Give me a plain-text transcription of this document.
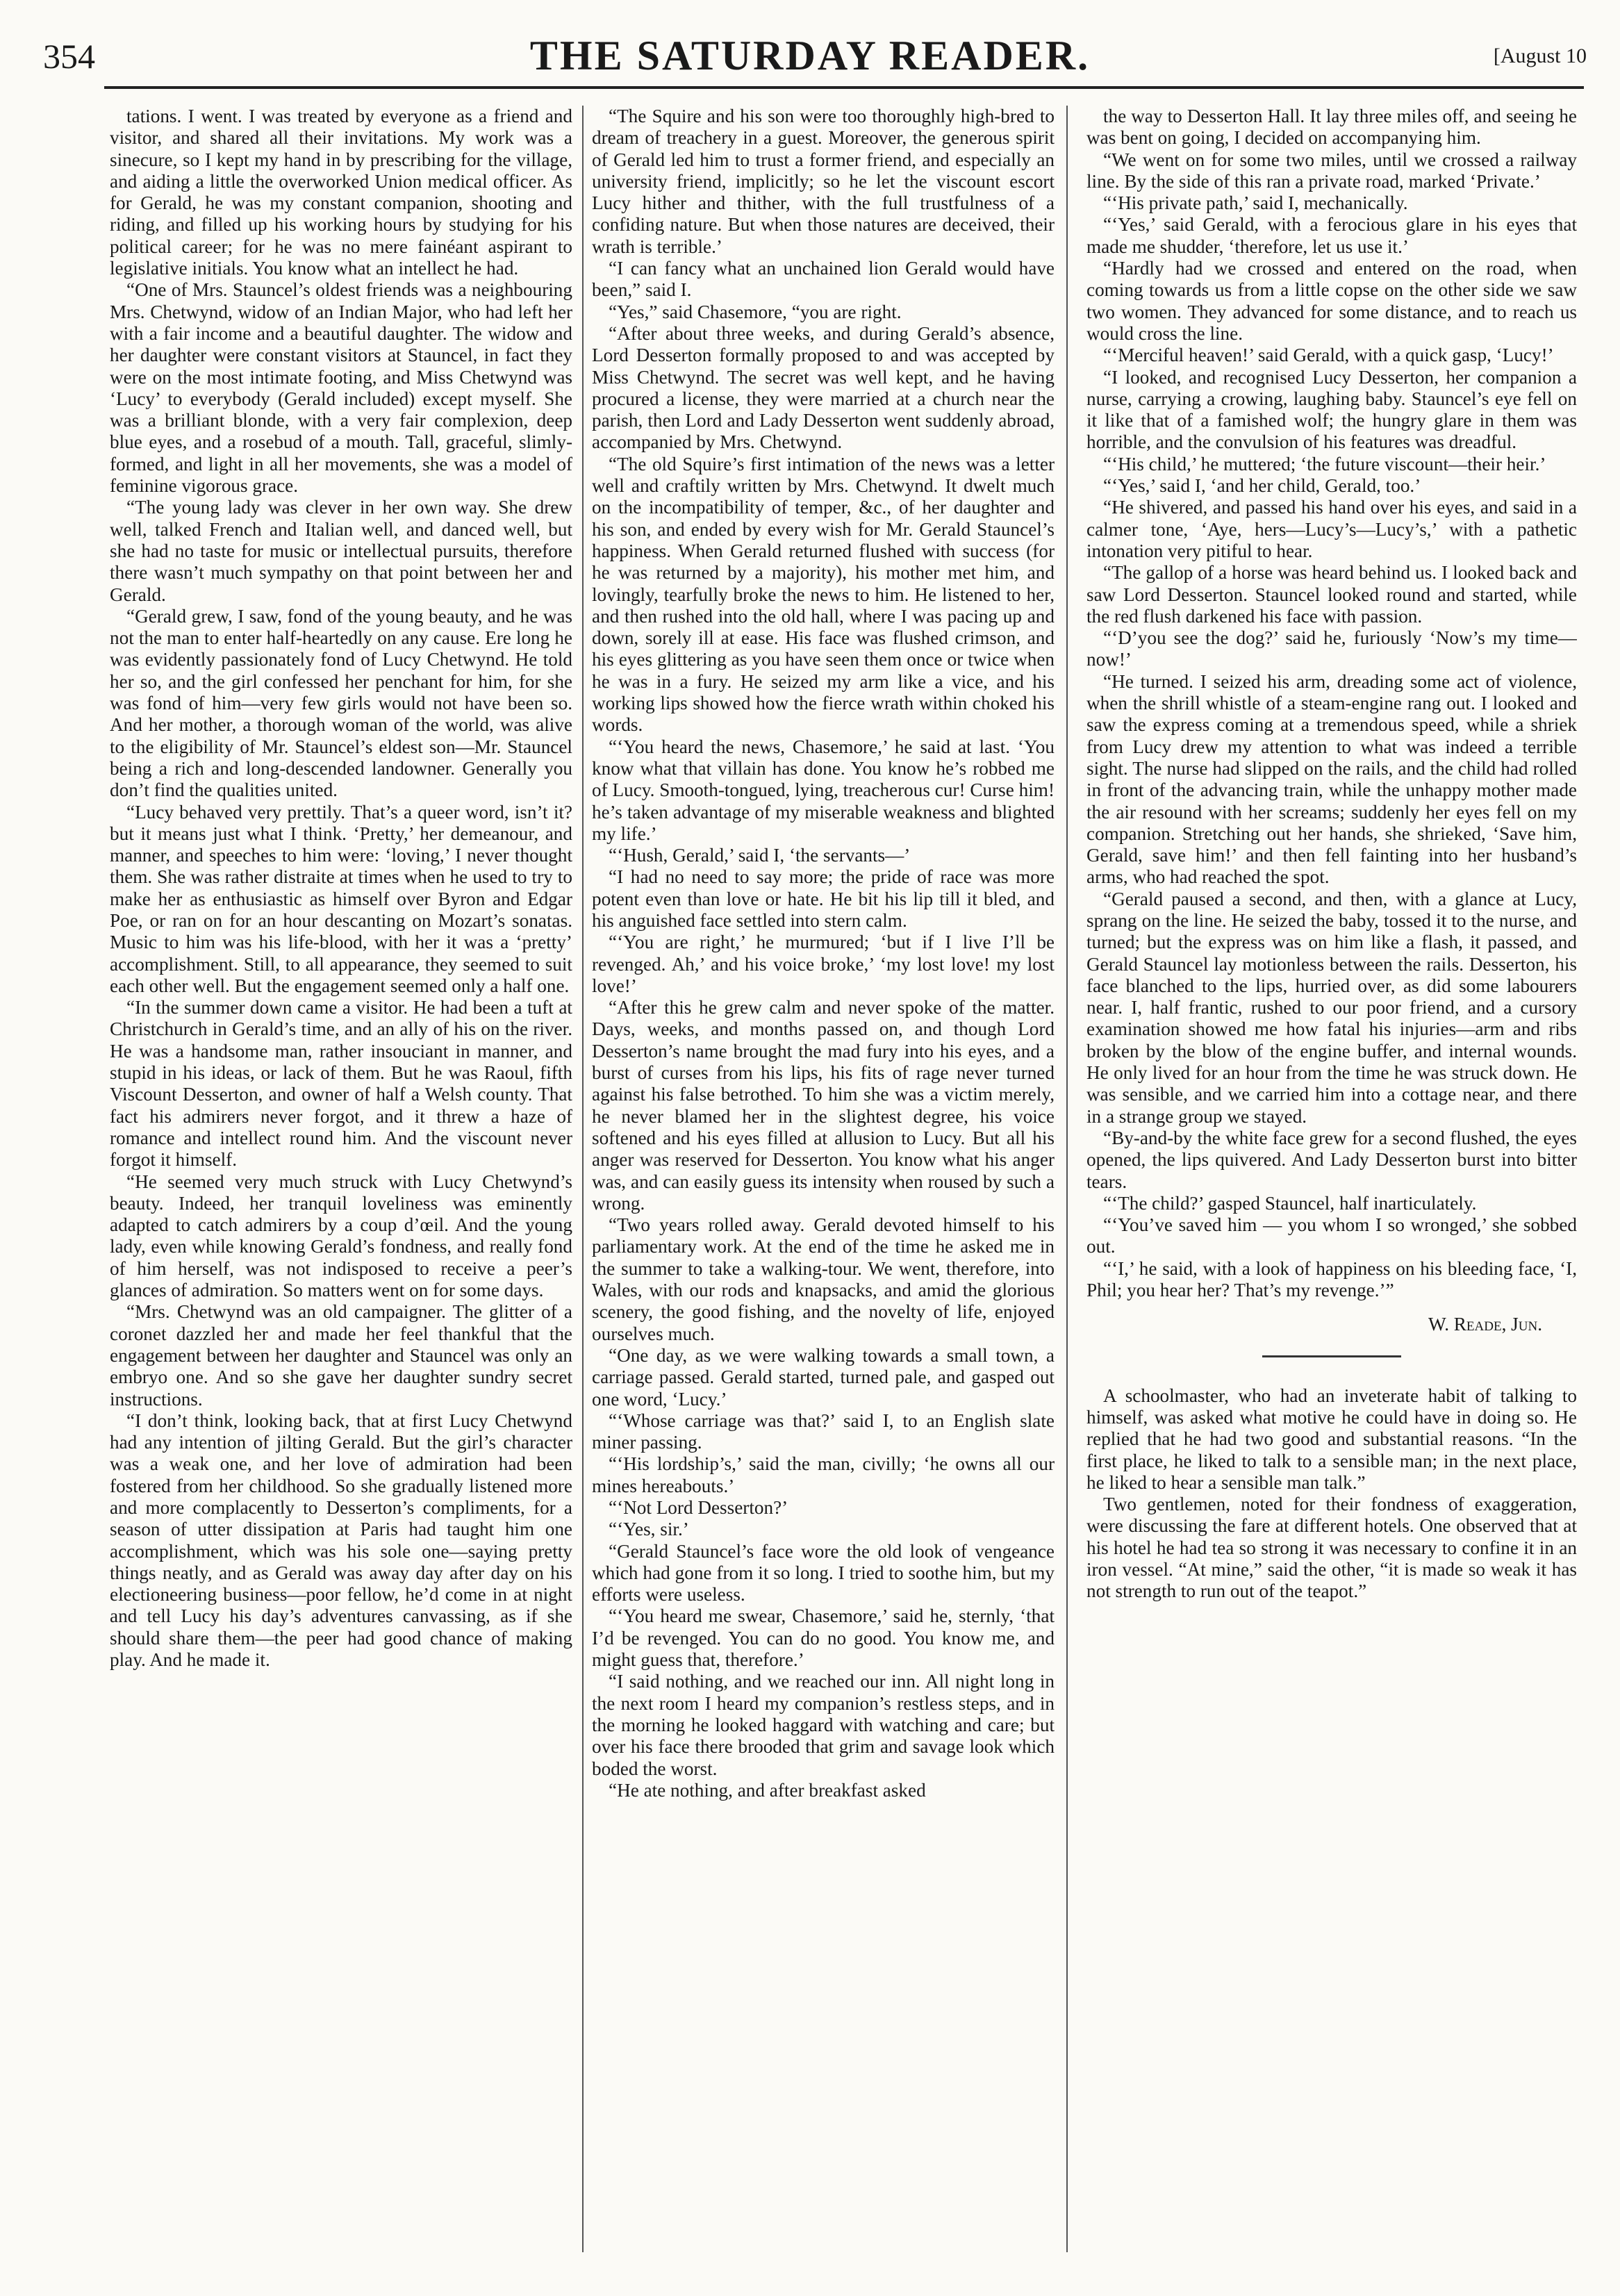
354	THE SATURDAY READER.	[August 10

tations. I went. I was treated by everyone as a friend and visitor, and shared all their invitations. My work was a sinecure, so I kept my hand in by prescribing for the village, and aiding a little the overworked Union medical officer. As for Gerald, he was my constant companion, shooting and riding, and filled up his working hours by studying for his political career; for he was no mere fainéant aspirant to legislative initials. You know what an intellect he had.

“One of Mrs. Stauncel’s oldest friends was a neighbouring Mrs. Chetwynd, widow of an Indian Major, who had left her with a fair income and a beautiful daughter. The widow and her daughter were constant visitors at Stauncel, in fact they were on the most intimate footing, and Miss Chetwynd was ‘Lucy’ to everybody (Gerald included) except myself. She was a brilliant blonde, with a very fair complexion, deep blue eyes, and a rosebud of a mouth. Tall, graceful, slimly-formed, and light in all her movements, she was a model of feminine vigorous grace.

“The young lady was clever in her own way. She drew well, talked French and Italian well, and danced well, but she had no taste for music or intellectual pursuits, therefore there wasn’t much sympathy on that point between her and Gerald.

“Gerald grew, I saw, fond of the young beauty, and he was not the man to enter half-heartedly on any cause. Ere long he was evidently passionately fond of Lucy Chetwynd. He told her so, and the girl confessed her penchant for him, for she was fond of him—very few girls would not have been so. And her mother, a thorough woman of the world, was alive to the eligibility of Mr. Stauncel’s eldest son—Mr. Stauncel being a rich and long-descended landowner. Generally you don’t find the qualities united.

“Lucy behaved very prettily. That’s a queer word, isn’t it? but it means just what I think. ‘Pretty,’ her demeanour, and manner, and speeches to him were: ‘loving,’ I never thought them. She was rather distraite at times when he used to try to make her as enthusiastic as himself over Byron and Edgar Poe, or ran on for an hour descanting on Mozart’s sonatas. Music to him was his life-blood, with her it was a ‘pretty’ accomplishment. Still, to all appearance, they seemed to suit each other well. But the engagement seemed only a half one.

“In the summer down came a visitor. He had been a tuft at Christchurch in Gerald’s time, and an ally of his on the river. He was a handsome man, rather insouciant in manner, and stupid in his ideas, or lack of them. But he was Raoul, fifth Viscount Desserton, and owner of half a Welsh county. That fact his admirers never forgot, and it threw a haze of romance and intellect round him. And the viscount never forgot it himself.

“He seemed very much struck with Lucy Chetwynd’s beauty. Indeed, her tranquil loveliness was eminently adapted to catch admirers by a coup d’œil. And the young lady, even while knowing Gerald’s fondness, and really fond of him herself, was not indisposed to receive a peer’s glances of admiration. So matters went on for some days.

“Mrs. Chetwynd was an old campaigner. The glitter of a coronet dazzled her and made her feel thankful that the engagement between her daughter and Stauncel was only an embryo one. And so she gave her daughter sundry secret instructions.

“I don’t think, looking back, that at first Lucy Chetwynd had any intention of jilting Gerald. But the girl’s character was a weak one, and her love of admiration had been fostered from her childhood. So she gradually listened more and more complacently to Desserton’s compliments, for a season of utter dissipation at Paris had taught him one accomplishment, which was his sole one—saying pretty things neatly, and as Gerald was away day after day on his electioneering business—poor fellow, he’d come in at night and tell Lucy his day’s adventures canvassing, as if she should share them—the peer had good chance of making play. And he made it.

“The Squire and his son were too thoroughly high-bred to dream of treachery in a guest. Moreover, the generous spirit of Gerald led him to trust a former friend, and especially an university friend, implicitly; so he let the viscount escort Lucy hither and thither, with the full trustfulness of a confiding nature. But when those natures are deceived, their wrath is terrible.’

“I can fancy what an unchained lion Gerald would have been,” said I.

“Yes,” said Chasemore, “you are right.

“After about three weeks, and during Gerald’s absence, Lord Desserton formally proposed to and was accepted by Miss Chetwynd. The secret was well kept, and he having procured a license, they were married at a church near the parish, then Lord and Lady Desserton went suddenly abroad, accompanied by Mrs. Chetwynd.

“The old Squire’s first intimation of the news was a letter well and craftily written by Mrs. Chetwynd. It dwelt much on the incompatibility of temper, &c., of her daughter and his son, and ended by every wish for Mr. Gerald Stauncel’s happiness. When Gerald returned flushed with success (for he was returned by a majority), his mother met him, and lovingly, tearfully broke the news to him. He listened to her, and then rushed into the old hall, where I was pacing up and down, sorely ill at ease. His face was flushed crimson, and his eyes glittering as you have seen them once or twice when he was in a fury. He seized my arm like a vice, and his working lips showed how the fierce wrath within choked his words.

“‘You heard the news, Chasemore,’ he said at last. ‘You know what that villain has done. You know he’s robbed me of Lucy. Smooth-tongued, lying, treacherous cur! Curse him! he’s taken advantage of my miserable weakness and blighted my life.’

“‘Hush, Gerald,’ said I, ‘the servants—’

“I had no need to say more; the pride of race was more potent even than love or hate. He bit his lip till it bled, and his anguished face settled into stern calm.

“‘You are right,’ he murmured; ‘but if I live I’ll be revenged. Ah,’ and his voice broke,’ ‘my lost love! my lost love!’

“After this he grew calm and never spoke of the matter. Days, weeks, and months passed on, and though Lord Desserton’s name brought the mad fury into his eyes, and a burst of curses from his lips, his fits of rage never turned against his false betrothed. To him she was a victim merely, he never blamed her in the slightest degree, his voice softened and his eyes filled at allusion to Lucy. But all his anger was reserved for Desserton. You know what his anger was, and can easily guess its intensity when roused by such a wrong.

“Two years rolled away. Gerald devoted himself to his parliamentary work. At the end of the time he asked me in the summer to take a walking-tour. We went, therefore, into Wales, with our rods and knapsacks, and amid the glorious scenery, the good fishing, and the novelty of life, enjoyed ourselves much.

“One day, as we were walking towards a small town, a carriage passed. Gerald started, turned pale, and gasped out one word, ‘Lucy.’

“‘Whose carriage was that?’ said I, to an English slate miner passing.

“‘His lordship’s,’ said the man, civilly; ‘he owns all our mines hereabouts.’

“‘Not Lord Desserton?’

“‘Yes, sir.’

“Gerald Stauncel’s face wore the old look of vengeance which had gone from it so long. I tried to soothe him, but my efforts were useless.

“‘You heard me swear, Chasemore,’ said he, sternly, ‘that I’d be revenged. You can do no good. You know me, and might guess that, therefore.’

“I said nothing, and we reached our inn. All night long in the next room I heard my companion’s restless steps, and in the morning he looked haggard with watching and care; but over his face there brooded that grim and savage look which boded the worst.

“He ate nothing, and after breakfast asked

the way to Desserton Hall. It lay three miles off, and seeing he was bent on going, I decided on accompanying him.

“We went on for some two miles, until we crossed a railway line. By the side of this ran a private road, marked ‘Private.’

“‘His private path,’ said I, mechanically.

“‘Yes,’ said Gerald, with a ferocious glare in his eyes that made me shudder, ‘therefore, let us use it.’

“Hardly had we crossed and entered on the road, when coming towards us from a little copse on the other side we saw two women. They advanced for some distance, and to reach us would cross the line.

“‘Merciful heaven!’ said Gerald, with a quick gasp, ‘Lucy!’

“I looked, and recognised Lucy Desserton, her companion a nurse, carrying a crowing, laughing baby. Stauncel’s eye fell on it like that of a famished wolf; the hungry glare in them was horrible, and the convulsion of his features was dreadful.

“‘His child,’ he muttered; ‘the future viscount—their heir.’

“‘Yes,’ said I, ‘and her child, Gerald, too.’

“He shivered, and passed his hand over his eyes, and said in a calmer tone, ‘Aye, hers—Lucy’s—Lucy’s,’ with a pathetic intonation very pitiful to hear.

“The gallop of a horse was heard behind us. I looked back and saw Lord Desserton. Stauncel looked round and started, while the red flush darkened his face with passion.

“‘D’you see the dog?’ said he, furiously ‘Now’s my time—now!’

“He turned. I seized his arm, dreading some act of violence, when the shrill whistle of a steam-engine rang out. I looked and saw the express coming at a tremendous speed, while a shriek from Lucy drew my attention to what was indeed a terrible sight. The nurse had slipped on the rails, and the child had rolled in front of the advancing train, while the unhappy mother made the air resound with her screams; suddenly her eyes fell on my companion. Stretching out her hands, she shrieked, ‘Save him, Gerald, save him!’ and then fell fainting into her husband’s arms, who had reached the spot.

“Gerald paused a second, and then, with a glance at Lucy, sprang on the line. He seized the baby, tossed it to the nurse, and turned; but the express was on him like a flash, it passed, and Gerald Stauncel lay motionless between the rails. Desserton, his face blanched to the lips, hurried over, as did some labourers near. I, half frantic, rushed to our poor friend, and a cursory examination showed me how fatal his injuries—arm and ribs broken by the blow of the engine buffer, and internal wounds. He only lived for an hour from the time he was struck down. He was sensible, and we carried him into a cottage near, and there in a strange group we stayed.

“By-and-by the white face grew for a second flushed, the eyes opened, the lips quivered. And Lady Desserton burst into bitter tears.

“‘The child?’ gasped Stauncel, half inarticulately.

“‘You’ve saved him — you whom I so wronged,’ she sobbed out.

“‘I,’ he said, with a look of happiness on his bleeding face, ‘I, Phil; you hear her? That’s my revenge.’”

W. Reade, Jun.

A schoolmaster, who had an inveterate habit of talking to himself, was asked what motive he could have in doing so. He replied that he had two good and substantial reasons. “In the first place, he liked to talk to a sensible man; in the next place, he liked to hear a sensible man talk.”

Two gentlemen, noted for their fondness of exaggeration, were discussing the fare at different hotels. One observed that at his hotel he had tea so strong it was necessary to confine it in an iron vessel. “At mine,” said the other, “it is made so weak it has not strength to run out of the teapot.”
